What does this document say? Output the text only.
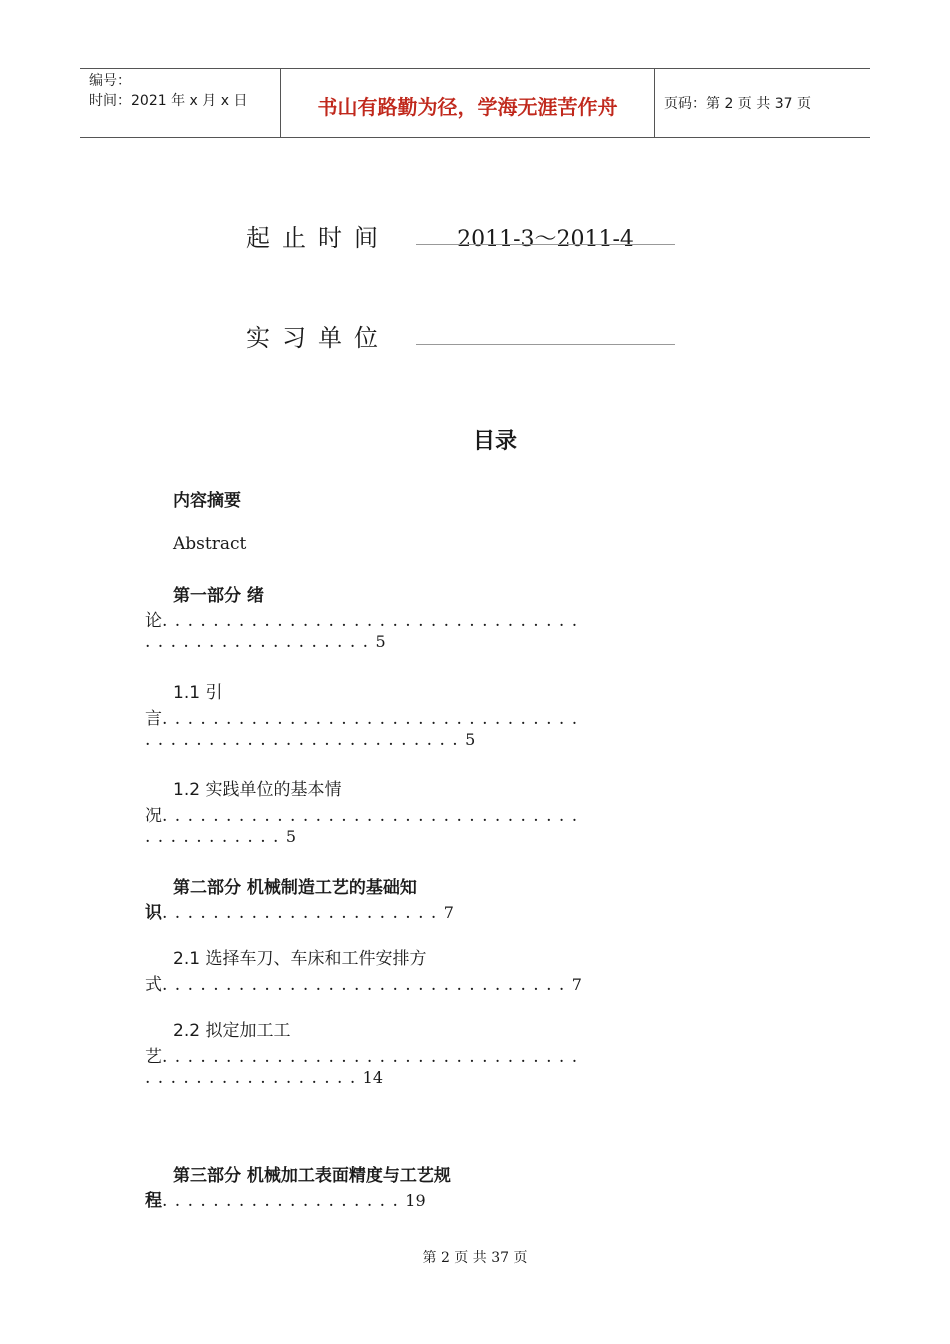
编号：
时间：2021 年 x 月 x 日	书山有路勤为径，学海无涯苦作舟	页码：第 2 页 共 37 页
起止时间	2011-3～2011-4
实习单位
目录
内容摘要
Abstract
第一部分 绪
论.................................
..................5
1.1 引
言.................................
.........................5
1.2 实践单位的基本情
况.................................
...........5
第二部分 机械制造工艺的基础知
识......................7
2.1 选择车刀、车床和工件安排方
式................................7
2.2 拟定加工工
艺.................................
.................14
第三部分 机械加工表面精度与工艺规
程...................19
第 2 页 共 37 页
